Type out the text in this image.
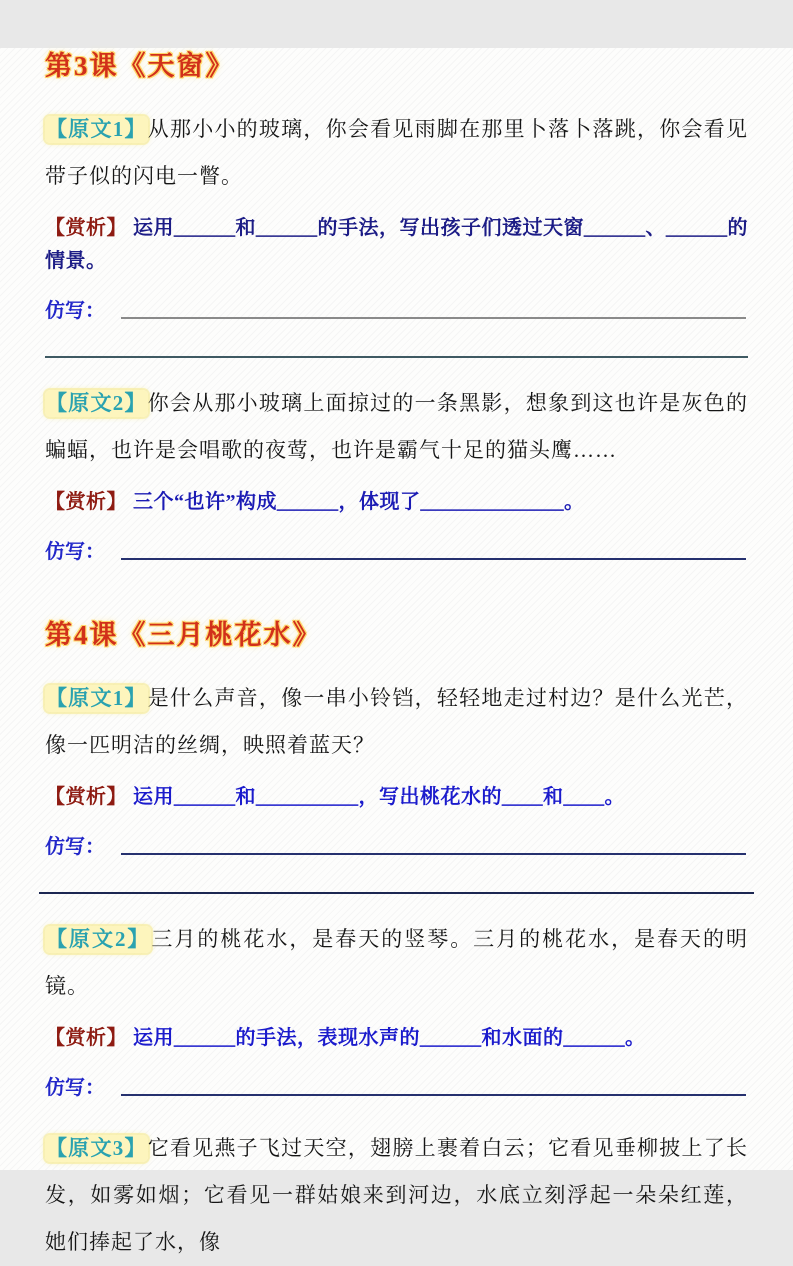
第3课《天窗》

【原文1】从那小小的玻璃，你会看见雨脚在那里卜落卜落跳，你会看见带子似的闪电一瞥。

【赏析】 运用＿＿＿和＿＿＿的手法，写出孩子们透过天窗＿＿＿、＿＿＿的情景。

仿写：

【原文2】你会从那小玻璃上面掠过的一条黑影，想象到这也许是灰色的蝙蝠，也许是会唱歌的夜莺，也许是霸气十足的猫头鹰……

【赏析】 三个“也许”构成＿＿＿，体现了＿＿＿＿＿＿＿。

仿写：
第4课《三月桃花水》

【原文1】是什么声音，像一串小铃铛，轻轻地走过村边？是什么光芒，像一匹明洁的丝绸，映照着蓝天？

【赏析】 运用＿＿＿和＿＿＿＿＿，写出桃花水的＿＿和＿＿。

仿写：

【原文2】三月的桃花水，是春天的竖琴。三月的桃花水，是春天的明镜。

【赏析】 运用＿＿＿的手法，表现水声的＿＿＿和水面的＿＿＿。

仿写：

【原文3】它看见燕子飞过天空，翅膀上裹着白云；它看见垂柳披上了长发，如雾如烟；它看见一群姑娘来到河边，水底立刻浮起一朵朵红莲，她们捧起了水，像
